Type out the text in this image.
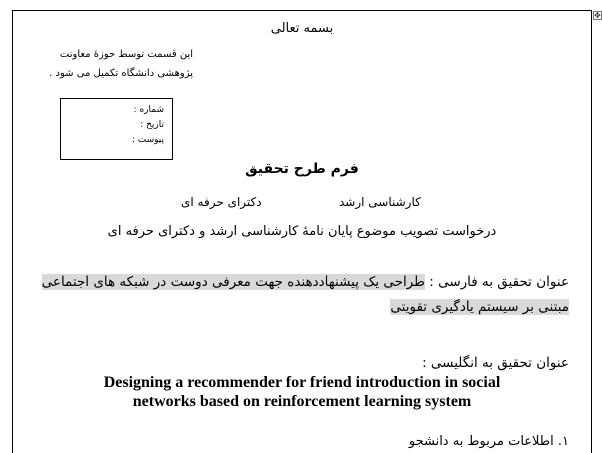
✥
بسمه تعالی
این قسمت توسط حوزه‌ٔ معاونت
پژوهشی دانشگاه تکمیل می شود .
شماره :
تاریخ :
پیوست :
فرم طرح تحقیق
دکترای حرفه ای	کارشناسی ارشد
درخواست تصویب موضوع پایان نامهٔ کارشناسی ارشد و دکترای حرفه ای
عنوان تحقیق به فارسی : طراحی یک پیشنهاددهنده جهت معرفی دوست در شبکه های اجتماعی مبتنی بر سیستم یادگیری تقویتی
عنوان تحقیق به انگلیسی :
Designing a recommender for friend introduction in social
networks based on reinforcement learning system
۱. اطلاعات مربوط به دانشجو
